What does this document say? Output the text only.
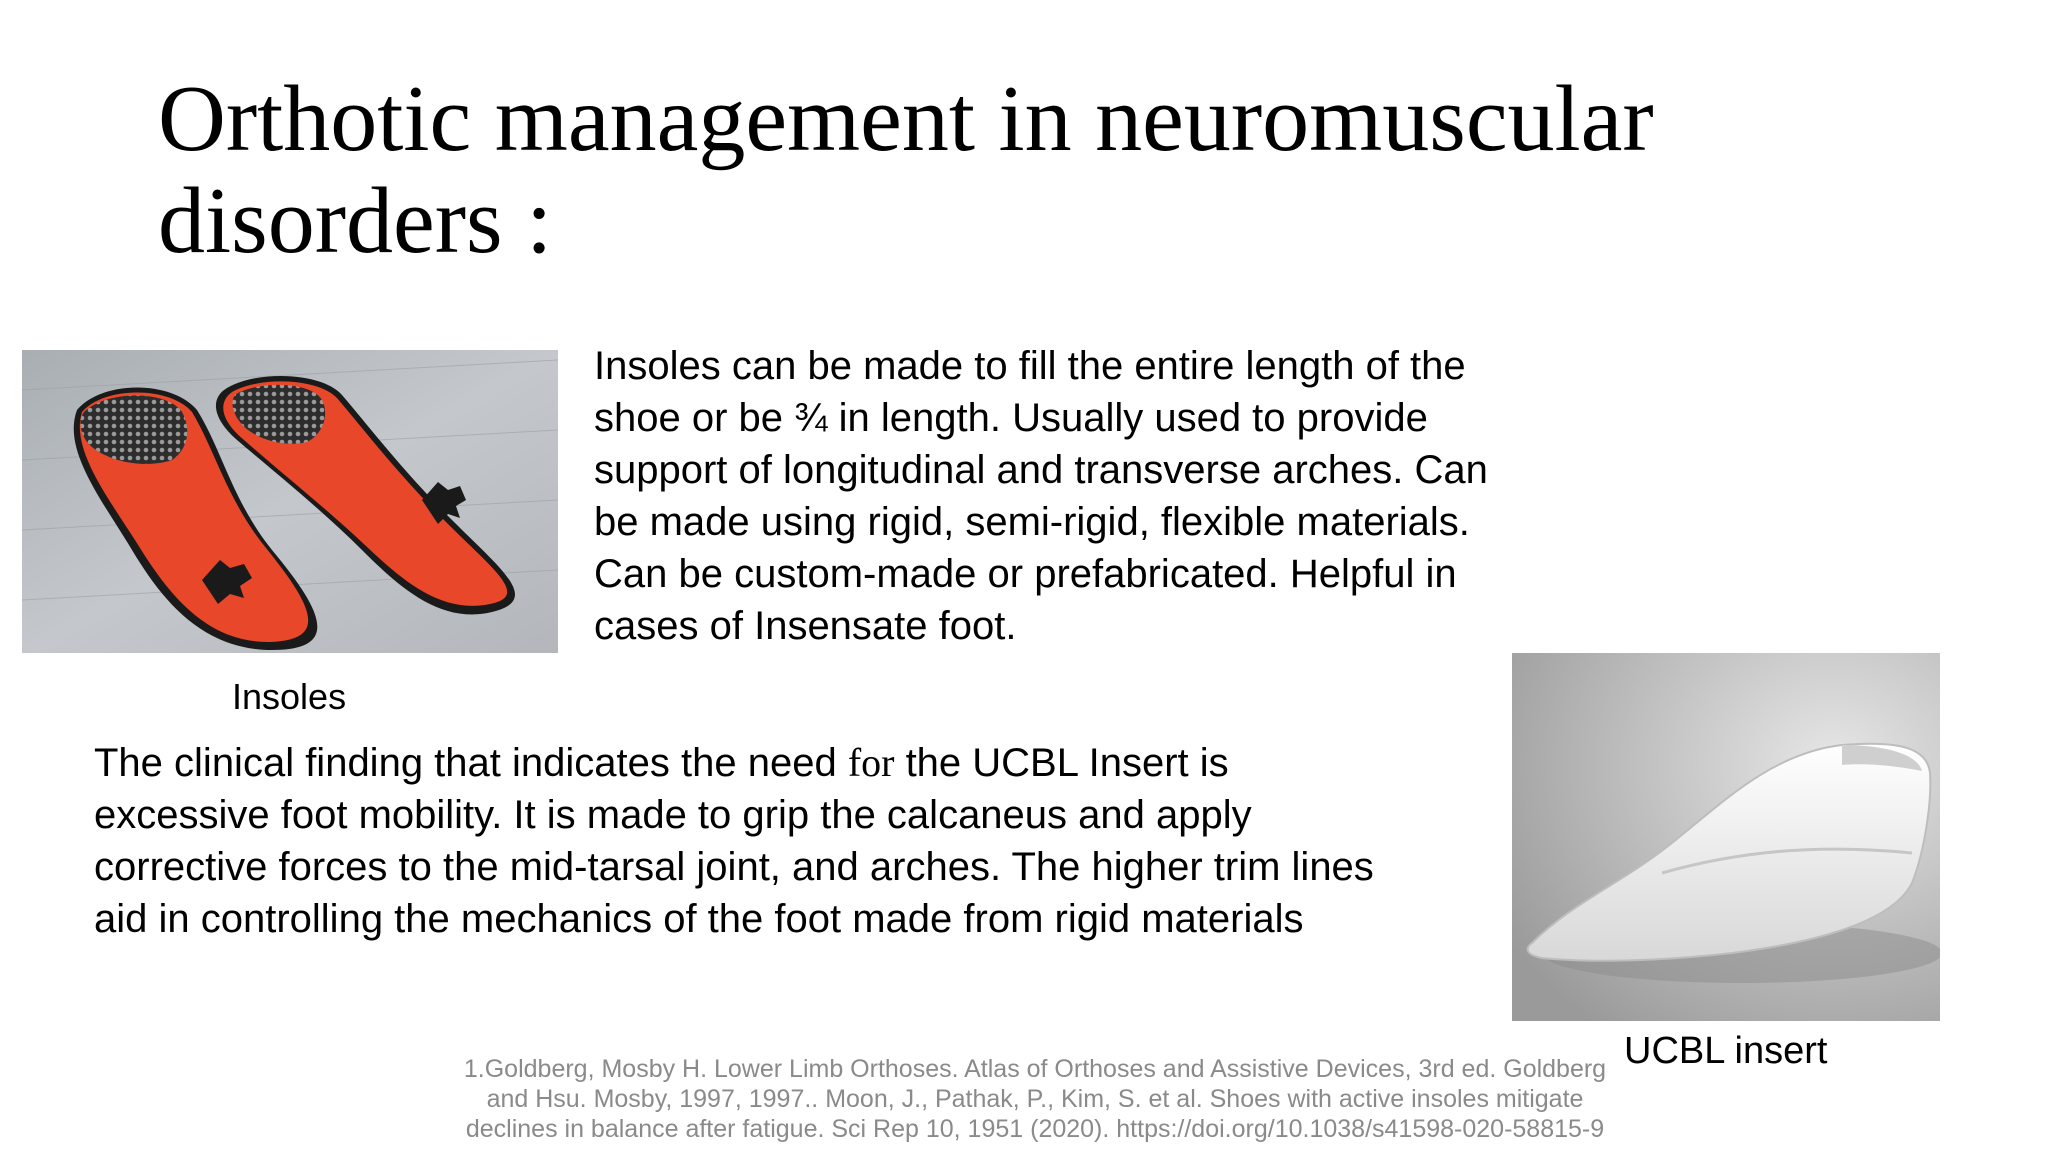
Orthotic management in neuromuscular
disorders :
Insoles can be made to fill the entire length of the
shoe or be ¾ in length. Usually used to provide
support of longitudinal and transverse arches. Can
be made using rigid, semi-rigid, flexible materials.
Can be custom-made or prefabricated. Helpful in
cases of Insensate foot.
Insoles
The clinical finding that indicates the need for the UCBL Insert is
excessive foot mobility. It is made to grip the calcaneus and apply
corrective forces to the mid-tarsal joint, and arches. The higher trim lines
aid in controlling the mechanics of the foot made from rigid materials
UCBL insert
1.Goldberg, Mosby H. Lower Limb Orthoses. Atlas of Orthoses and Assistive Devices, 3rd ed. Goldberg
and Hsu. Mosby, 1997, 1997.. Moon, J., Pathak, P., Kim, S. et al. Shoes with active insoles mitigate
declines in balance after fatigue. Sci Rep 10, 1951 (2020). https://doi.org/10.1038/s41598-020-58815-9
